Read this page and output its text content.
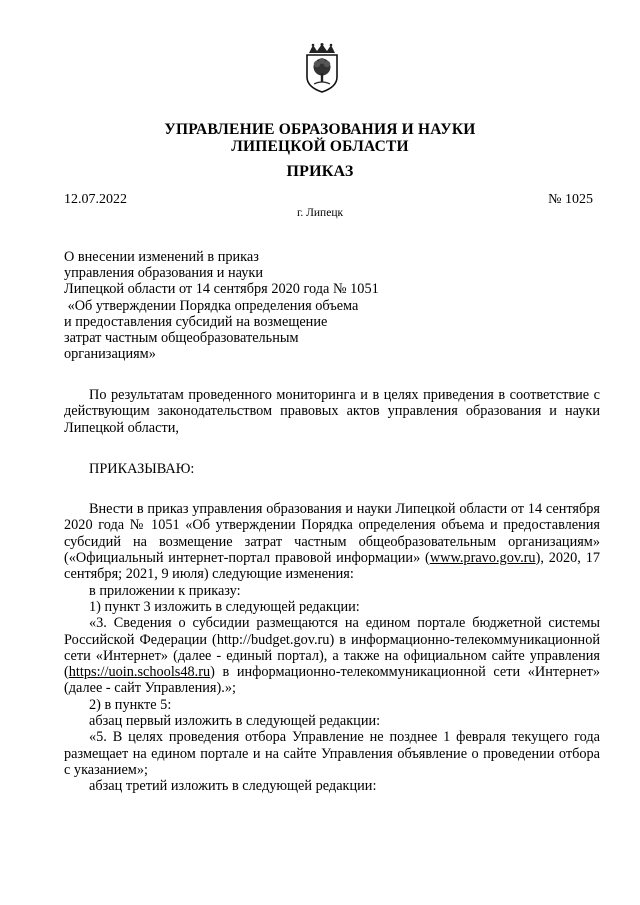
УПРАВЛЕНИЕ ОБРАЗОВАНИЯ И НАУКИ
ЛИПЕЦКОЙ ОБЛАСТИ
ПРИКАЗ
12.07.2022	№ 1025
г. Липецк
О внесении изменений в приказ
управления образования и науки
Липецкой области от 14 сентября 2020 года № 1051
«Об утверждении Порядка определения объема
и предоставления субсидий на возмещение
затрат частным общеобразовательным
организациям»

По результатам проведенного мониторинга и в целях приведения в соответствие с действующим законодательством правовых актов управления образования и науки Липецкой области,

ПРИКАЗЫВАЮ:

Внести в приказ управления образования и науки Липецкой области от 14 сентября 2020 года № 1051 «Об утверждении Порядка определения объема и предоставления субсидий на возмещение затрат частным общеобразовательным организациям» («Официальный интернет-портал правовой информации» (www.pravo.gov.ru), 2020, 17 сентября; 2021, 9 июля) следующие изменения:

в приложении к приказу:

1) пункт 3 изложить в следующей редакции:

«3. Сведения о субсидии размещаются на едином портале бюджетной системы Российской Федерации (http://budget.gov.ru) в информационно-телекоммуникационной сети «Интернет» (далее - единый портал), а также на официальном сайте управления (https://uoin.schools48.ru) в информационно-телекоммуникационной сети «Интернет» (далее - сайт Управления).»;

2) в пункте 5:

абзац первый изложить в следующей редакции:

«5. В целях проведения отбора Управление не позднее 1 февраля текущего года размещает на едином портале и на сайте Управления объявление о проведении отбора с указанием»;

абзац третий изложить в следующей редакции:
